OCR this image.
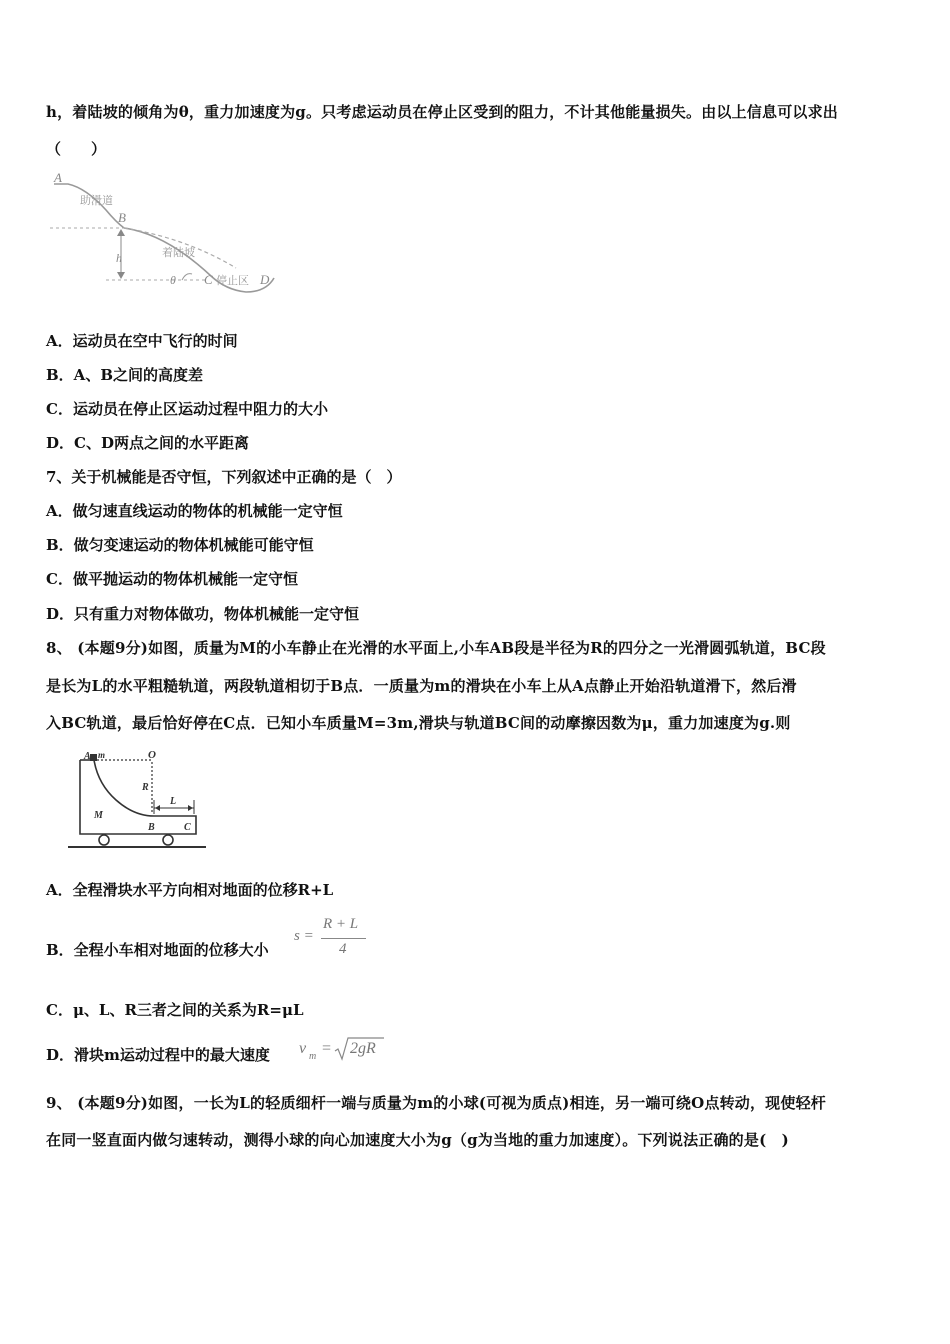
h，着陆坡的倾角为θ，重力加速度为g。只考虑运动员在停止区受到的阻力，不计其他能量损失。由以上信息可以求出
（　　）
A
助滑道
B
着陆坡
h
θ C 停止区 D
A．运动员在空中飞行的时间
B．A、B之间的高度差
C．运动员在停止区运动过程中阻力的大小
D．C、D两点之间的水平距离
7、关于机械能是否守恒，下列叙述中正确的是（　）
A．做匀速直线运动的物体的机械能一定守恒
B．做匀变速运动的物体机械能可能守恒
C．做平抛运动的物体机械能一定守恒
D．只有重力对物体做功，物体机械能一定守恒
8、 (本题9分)如图，质量为M的小车静止在光滑的水平面上,小车AB段是半径为R的四分之一光滑圆弧轨道，BC段
是长为L的水平粗糙轨道，两段轨道相切于B点．一质量为m的滑块在小车上从A点静止开始沿轨道滑下，然后滑
入BC轨道，最后恰好停在C点．已知小车质量M=3m,滑块与轨道BC间的动摩擦因数为μ，重力加速度为g.则
A m	O
R
L
M
B	C
A．全程滑块水平方向相对地面的位移R+L
B．全程小车相对地面的位移大小
s =
R + L
4
C．μ、L、R三者之间的关系为R=μL
D．滑块m运动过程中的最大速度 v m = 2gR
9、 (本题9分)如图，一长为L的轻质细杆一端与质量为m的小球(可视为质点)相连，另一端可绕O点转动，现使轻杆
在同一竖直面内做匀速转动，测得小球的向心加速度大小为g（g为当地的重力加速度）。下列说法正确的是(　)
